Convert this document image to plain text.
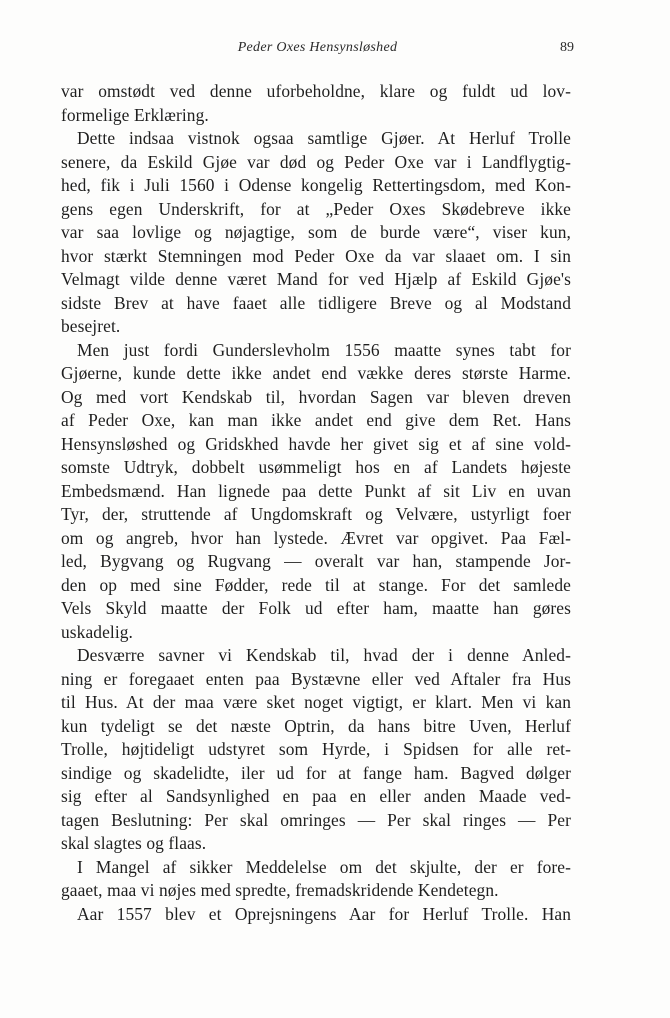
Peder Oxes Hensynsløshed	89
var omstødt ved denne uforbeholdne, klare og fuldt ud lov-
formelige Erklæring.
Dette indsaa vistnok ogsaa samtlige Gjøer. At Herluf Trolle
senere, da Eskild Gjøe var død og Peder Oxe var i Landflygtig-
hed, fik i Juli 1560 i Odense kongelig Rettertingsdom, med Kon-
gens egen Underskrift, for at „Peder Oxes Skødebreve ikke
var saa lovlige og nøjagtige, som de burde være“, viser kun,
hvor stærkt Stemningen mod Peder Oxe da var slaaet om. I sin
Velmagt vilde denne været Mand for ved Hjælp af Eskild Gjøe's
sidste Brev at have faaet alle tidligere Breve og al Modstand
besejret.
Men just fordi Gunderslevholm 1556 maatte synes tabt for
Gjøerne, kunde dette ikke andet end vække deres største Harme.
Og med vort Kendskab til, hvordan Sagen var bleven dreven
af Peder Oxe, kan man ikke andet end give dem Ret. Hans
Hensynsløshed og Gridskhed havde her givet sig et af sine vold-
somste Udtryk, dobbelt usømmeligt hos en af Landets højeste
Embedsmænd. Han lignede paa dette Punkt af sit Liv en uvan
Tyr, der, struttende af Ungdomskraft og Velvære, ustyrligt foer
om og angreb, hvor han lystede. Ævret var opgivet. Paa Fæl-
led, Bygvang og Rugvang — overalt var han, stampende Jor-
den op med sine Fødder, rede til at stange. For det samlede
Vels Skyld maatte der Folk ud efter ham, maatte han gøres
uskadelig.
Desværre savner vi Kendskab til, hvad der i denne Anled-
ning er foregaaet enten paa Bystævne eller ved Aftaler fra Hus
til Hus. At der maa være sket noget vigtigt, er klart. Men vi kan
kun tydeligt se det næste Optrin, da hans bitre Uven, Herluf
Trolle, højtideligt udstyret som Hyrde, i Spidsen for alle ret-
sindige og skadelidte, iler ud for at fange ham. Bagved dølger
sig efter al Sandsynlighed en paa en eller anden Maade ved-
tagen Beslutning: Per skal omringes — Per skal ringes — Per
skal slagtes og flaas.
I Mangel af sikker Meddelelse om det skjulte, der er fore-
gaaet, maa vi nøjes med spredte, fremadskridende Kendetegn.
Aar 1557 blev et Oprejsningens Aar for Herluf Trolle. Han
